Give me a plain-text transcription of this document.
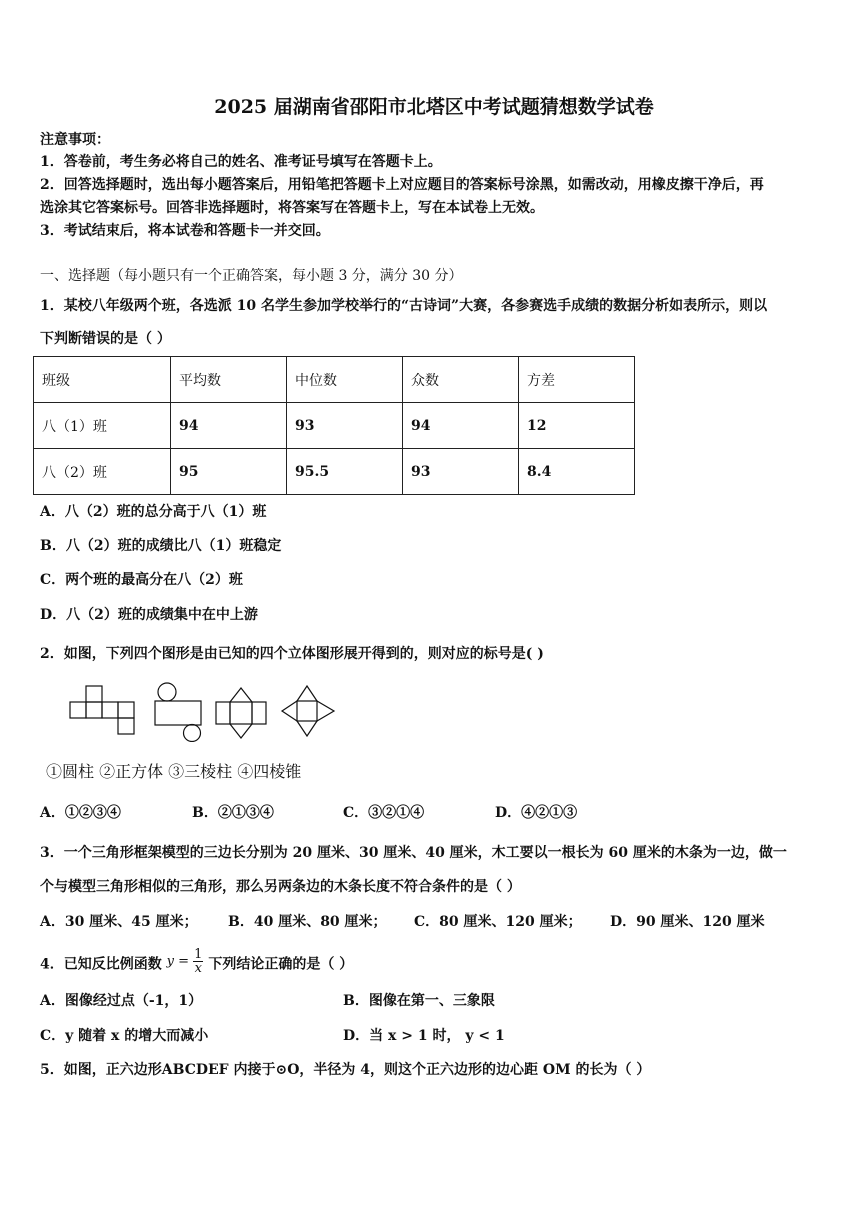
2025 届湖南省邵阳市北塔区中考试题猜想数学试卷
注意事项：
1．答卷前，考生务必将自己的姓名、准考证号填写在答题卡上。
2．回答选择题时，选出每小题答案后，用铅笔把答题卡上对应题目的答案标号涂黑，如需改动，用橡皮擦干净后，再
选涂其它答案标号。回答非选择题时，将答案写在答题卡上，写在本试卷上无效。
3．考试结束后，将本试卷和答题卡一并交回。
一、选择题（每小题只有一个正确答案，每小题 3 分，满分 30 分）
1．某校八年级两个班，各选派 10 名学生参加学校举行的“古诗词”大赛，各参赛选手成绩的数据分析如表所示，则以
下判断错误的是（ ）
班级	平均数	中位数	众数	方差
八（1）班	94	93	94	12
八（2）班	95	95.5	93	8.4
A．八（2）班的总分高于八（1）班
B．八（2）班的成绩比八（1）班稳定
C．两个班的最高分在八（2）班
D．八（2）班的成绩集中在中上游
2．如图，下列四个图形是由已知的四个立体图形展开得到的，则对应的标号是( )
①圆柱 ②正方体 ③三棱柱 ④四棱锥
A．①②③④	B．②①③④	C．③②①④	D．④②①③
3．一个三角形框架模型的三边长分别为 20 厘米、30 厘米、40 厘米，木工要以一根长为 60 厘米的木条为一边，做一
个与模型三角形相似的三角形，那么另两条边的木条长度不符合条件的是（ ）
A．30 厘米、45 厘米； B．40 厘米、80 厘米； C．80 厘米、120 厘米； D．90 厘米、120 厘米
4．已知反比例函数 $y = \frac{1}{x}$ 下列结论正确的是（ ）
A．图像经过点（-1，1）	B．图像在第一、三象限
C．y 随着 x 的增大而减小	D．当 x > 1 时， y < 1
5．如图，正六边形ABCDEF 内接于⊙O，半径为 4，则这个正六边形的边心距 OM 的长为（ ）
